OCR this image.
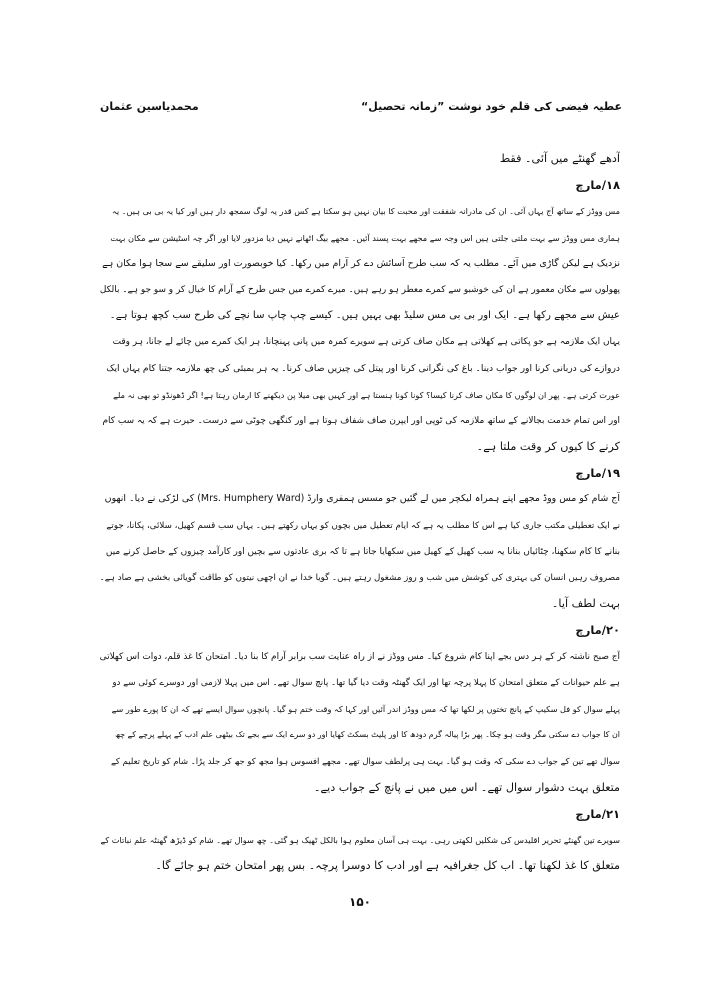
عطیہ فیضی کی قلم خود نوشت ”زمانہ تحصیل“
محمدیاسین عثمان
آدھے گھنٹے میں آئی۔ فقط
۱۸/مارچ
مس ووڈز کے ساتھ آج یہاں آئی۔ ان کی مادرانہ شفقت اور محبت کا بیان نہیں ہو سکتا ہے کس قدر یہ لوگ سمجھ دار ہیں اور کیا یہ بی بی ہیں۔ یہ
ہماری مس ووڈز سے بہت ملتی جلتی ہیں اس وجہ سے مجھے بہت پسند آئیں۔ مجھے بیگ اٹھانے نہیں دیا مزدور لایا اور اگر چہ اسٹیشن سے مکان بہت
نزدیک ہے لیکن گاڑی میں آئے۔ مطلب یہ کہ سب طرح آسائش دے کر آرام میں رکھا۔ کیا خوبصورت اور سلیقے سے سجا ہوا مکان ہے
پھولوں سے مکان معمور ہے ان کی خوشبو سے کمرے معطر ہو رہے ہیں۔ میرے کمرے میں جس طرح کے آرام کا خیال کر و سو جو ہے۔ بالکل
عیش سے مجھے رکھا ہے۔ ایک اور بی بی مس سلیڈ بھی یہیں ہیں۔ کیسے چپ چاپ سا نچے کی طرح سب کچھ ہوتا ہے۔
یہاں ایک ملازمہ ہے جو پکاتی ہے کھلاتی ہے مکان صاف کرتی ہے سویرے کمرہ میں پانی پہنچانا، ہر ایک کمرے میں چائے لے جانا، ہر وقت
دروازے کی دربانی کرنا اور جواب دینا۔ باغ کی نگرانی کرنا اور پیتل کی چیزیں صاف کرنا۔ یہ ہر بمبئی کی چھ ملازمہ جتنا کام یہاں ایک
عورت کرتی ہے۔ پھر ان لوگوں کا مکان صاف کرنا کیسا؟ کونا کونا ہنستا ہے اور کہیں بھی میلا پن دیکھنے کا ارمان رہتا ہے! اگر ڈھونڈو تو بھی نہ ملے
اور اس تمام خدمت بجالانے کے ساتھ ملازمہ کی ٹوپی اور ایپرن صاف شفاف ہوتا ہے اور کنگھی چوٹی سے درست۔ حیرت ہے کہ یہ سب کام
کرنے کا کیوں کر وقت ملتا ہے۔
۱۹/مارچ
آج شام کو مس ووڈ مجھے اپنے ہمراہ لیکچر میں لے گئیں جو مسس ہمفری وارڈ (Mrs. Humphery Ward) کی لڑکی نے دیا۔ انھوں
نے ایک تعطیلی مکتب جاری کیا ہے اس کا مطلب یہ ہے کہ ایام تعطیل میں بچوں کو یہاں رکھتے ہیں۔ یہاں سب قسم کھیل، سلائی، پکانا، جوتے
بنانے کا کام سکھنا، چٹائیاں بنانا یہ سب کھیل کے کھیل میں سکھایا جاتا ہے تا کہ بری عادتوں سے بچیں اور کارآمد چیزوں کے حاصل کرنے میں
مصروف رہیں انسان کی بہتری کی کوشش میں شب و روز مشغول رہتے ہیں۔ گویا خدا نے ان اچھی نیتوں کو طاقت گویائی بخشی ہے صاد ہے۔
بہت لطف آیا۔
۲۰/مارچ
آج صبح ناشتہ کر کے ہر دس بجے اپنا کام شروع کیا۔ مس ووڈز نے از راہ عنایت سب برابر آرام کا بنا دیا۔ امتحان کا غذ قلم، دوات اس کھلاتی
ہے علم حیوانات کے متعلق امتحان کا پہلا پرچہ تھا اور ایک گھنٹہ وقت دیا گیا تھا۔ پانچ سوال تھے۔ اس میں پہلا لازمی اور دوسرے کوئی سے دو
پہلے سوال کو فل سکیپ کے پانچ تختوں پر لکھا تھا کہ مس ووڈز اندر آئیں اور کہا کہ وقت ختم ہو گیا۔ پانچوں سوال ایسے تھے کہ ان کا پورے طور سے
ان کا جواب دے سکتی مگر وقت ہو چکا۔ پھر بڑا پیالہ گرم دودھ کا اور پلیٹ بسکٹ کھایا اور دو سرے ایک سے بجے تک بیٹھی علم ادب کے پہلے پرچے کے چھ
سوال تھے تین کے جواب دے سکی کہ وقت ہو گیا۔ بہت ہی پرلطف سوال تھے۔ مجھے افسوس ہوا مجھ کو جھ کر جلد پڑا۔ شام کو تاریخ تعلیم کے
متعلق بہت دشوار سوال تھے۔ اس میں میں نے پانچ کے جواب دیے۔
۲۱/مارچ
سویرے تین گھنٹے تحریر اقلیدس کی شکلیں لکھتی رہی۔ بہت ہی آسان معلوم ہوا بالکل ٹھیک ہو گئی۔ چھ سوال تھے۔ شام کو ڈیڑھ گھنٹہ علم نباتات کے
متعلق کا غذ لکھنا تھا۔ اب کل جغرافیہ ہے اور ادب کا دوسرا پرچہ۔ بس پھر امتحان ختم ہو جائے گا۔
۱۵۰
